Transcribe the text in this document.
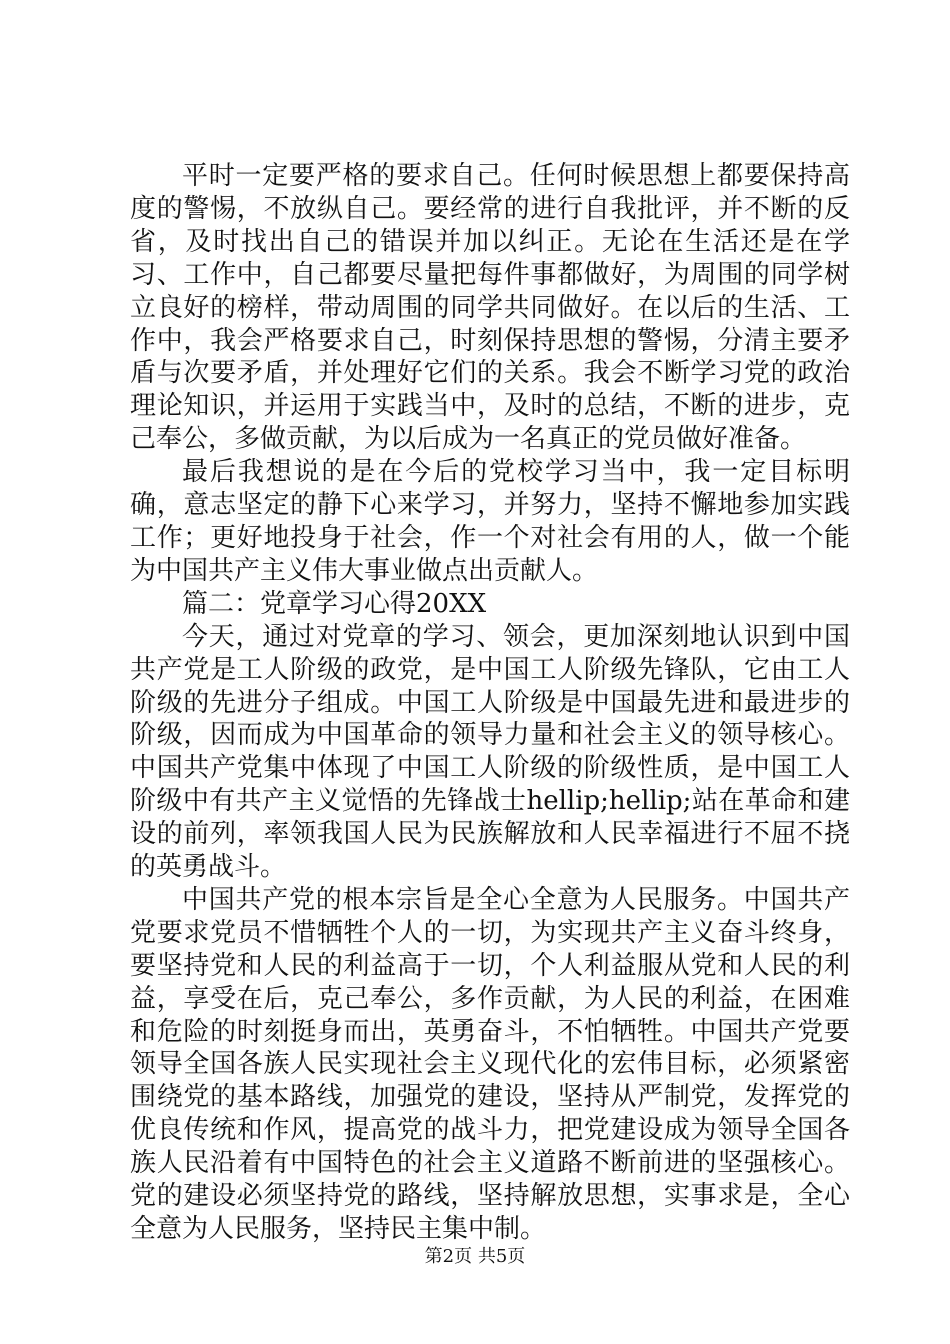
平时一定要严格的要求自己。任何时候思想上都要保持高度的警惕，不放纵自己。要经常的进行自我批评，并不断的反省，及时找出自己的错误并加以纠正。无论在生活还是在学习、工作中，自己都要尽量把每件事都做好，为周围的同学树立良好的榜样，带动周围的同学共同做好。在以后的生活、工作中，我会严格要求自己，时刻保持思想的警惕，分清主要矛盾与次要矛盾，并处理好它们的关系。我会不断学习党的政治理论知识，并运用于实践当中，及时的总结，不断的进步，克己奉公，多做贡献，为以后成为一名真正的党员做好准备。

最后我想说的是在今后的党校学习当中，我一定目标明确，意志坚定的静下心来学习，并努力，坚持不懈地参加实践工作；更好地投身于社会，作一个对社会有用的人，做一个能为中国共产主义伟大事业做点出贡献人。

篇二：党章学习心得20XX

今天，通过对党章的学习、领会，更加深刻地认识到中国共产党是工人阶级的政党，是中国工人阶级先锋队，它由工人阶级的先进分子组成。中国工人阶级是中国最先进和最进步的阶级，因而成为中国革命的领导力量和社会主义的领导核心。中国共产党集中体现了中国工人阶级的阶级性质，是中国工人阶级中有共产主义觉悟的先锋战士hellip;hellip;站在革命和建设的前列，率领我国人民为民族解放和人民幸福进行不屈不挠的英勇战斗。

中国共产党的根本宗旨是全心全意为人民服务。中国共产党要求党员不惜牺牲个人的一切，为实现共产主义奋斗终身，要坚持党和人民的利益高于一切，个人利益服从党和人民的利益，享受在后，克己奉公，多作贡献，为人民的利益，在困难和危险的时刻挺身而出，英勇奋斗，不怕牺牲。中国共产党要领导全国各族人民实现社会主义现代化的宏伟目标，必须紧密围绕党的基本路线，加强党的建设，坚持从严制党，发挥党的优良传统和作风，提高党的战斗力，把党建设成为领导全国各族人民沿着有中国特色的社会主义道路不断前进的坚强核心。党的建设必须坚持党的路线，坚持解放思想，实事求是，全心全意为人民服务，坚持民主集中制。

第2页 共5页
